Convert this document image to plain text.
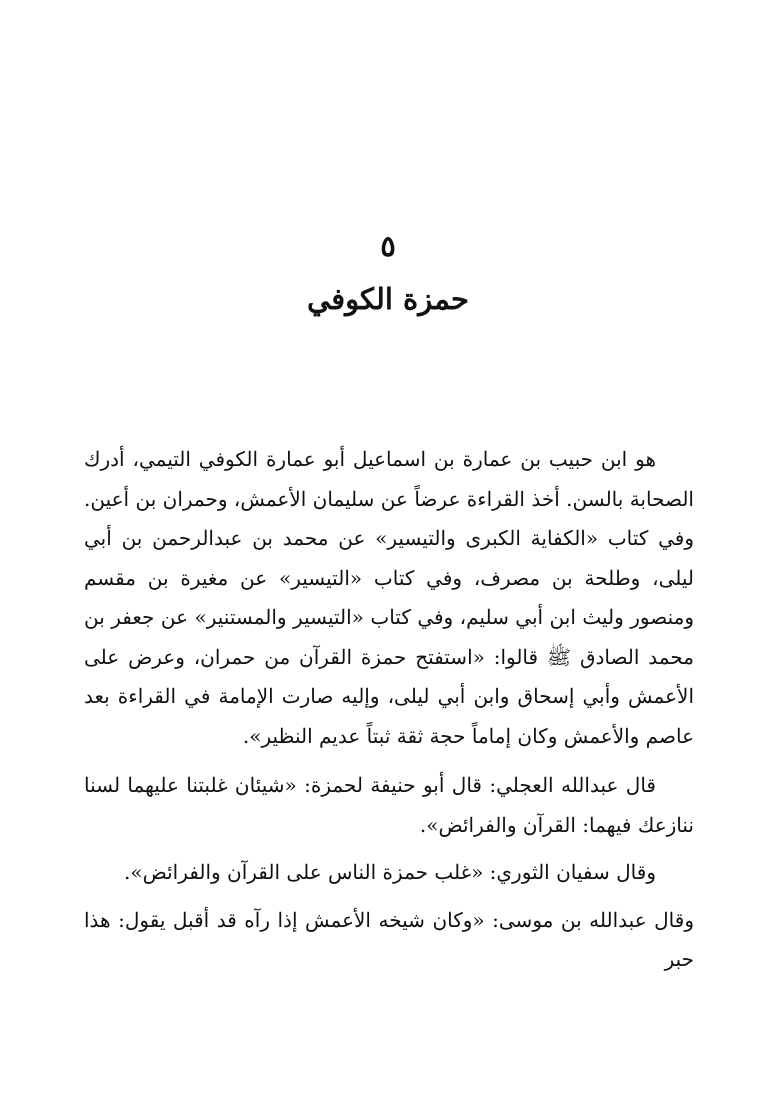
٥
حمزة الكوفي

هو ابن حبيب بن عمارة بن اسماعيل أبو عمارة الكوفي التيمي، أدرك الصحابة بالسن. أخذ القراءة عرضاً عن سليمان الأعمش، وحمران بن أعين. وفي كتاب «الكفاية الكبرى والتيسير» عن محمد بن عبدالرحمن بن أبي ليلى، وطلحة بن مصرف، وفي كتاب «التيسير» عن مغيرة بن مقسم ومنصور وليث ابن أبي سليم، وفي كتاب «التيسير والمستنير» عن جعفر بن محمد الصادق ﷺ قالوا: «استفتح حمزة القرآن من حمران، وعرض على الأعمش وأبي إسحاق وابن أبي ليلى، وإليه صارت الإمامة في القراءة بعد عاصم والأعمش وكان إماماً حجة ثقة ثبتاً عديم النظير».

قال عبدالله العجلي: قال أبو حنيفة لحمزة: «شيئان غلبتنا عليهما لسنا ننازعك فيهما: القرآن والفرائض».

وقال سفيان الثوري: «غلب حمزة الناس على القرآن والفرائض».

وقال عبدالله بن موسى: «وكان شيخه الأعمش إذا رآه قد أقبل يقول: هذا حبر
